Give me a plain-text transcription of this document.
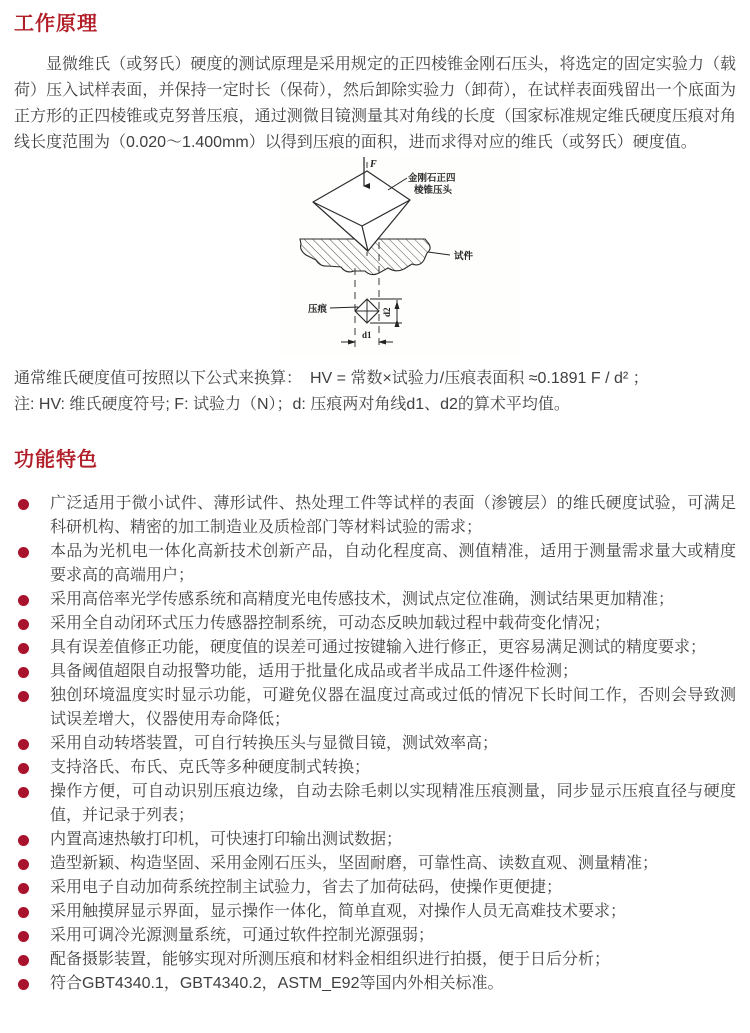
工作原理

显微维氏（或努氏）硬度的测试原理是采用规定的正四棱锥金刚石压头，将选定的固定实验力（载荷）压入试样表面，并保持一定时长（保荷），然后卸除实验力（卸荷），在试样表面残留出一个底面为正方形的正四棱锥或克努普压痕，通过测微目镜测量其对角线的长度（国家标准规定维氏硬度压痕对角线长度范围为（0.020～1.400mm）以得到压痕的面积，进而求得对应的维氏（或努氏）硬度值。

F
金刚石正四
棱锥压头
试件
压痕	d2
d1

通常维氏硬度值可按照以下公式来换算：　HV = 常数×试验力/压痕表面积 ≈0.1891 F / d² ；

注: HV: 维氏硬度符号; F: 试验力（N）；d: 压痕两对角线d1、d2的算术平均值。

功能特色
广泛适用于微小试件、薄形试件、热处理工件等试样的表面（渗镀层）的维氏硬度试验，可满足科研机构、精密的加工制造业及质检部门等材料试验的需求；
本品为光机电一体化高新技术创新产品，自动化程度高、测值精准，适用于测量需求量大或精度要求高的高端用户；
采用高倍率光学传感系统和高精度光电传感技术，测试点定位准确，测试结果更加精准；
采用全自动闭环式压力传感器控制系统，可动态反映加载过程中载荷变化情况；
具有误差值修正功能，硬度值的误差可通过按键输入进行修正，更容易满足测试的精度要求；
具备阈值超限自动报警功能，适用于批量化成品或者半成品工件逐件检测；
独创环境温度实时显示功能，可避免仪器在温度过高或过低的情况下长时间工作，否则会导致测试误差增大，仪器使用寿命降低；
采用自动转塔装置，可自行转换压头与显微目镜，测试效率高；
支持洛氏、布氏、克氏等多种硬度制式转换；
操作方便，可自动识别压痕边缘，自动去除毛刺以实现精准压痕测量，同步显示压痕直径与硬度值，并记录于列表；
内置高速热敏打印机，可快速打印输出测试数据；
造型新颖、构造坚固、采用金刚石压头，坚固耐磨，可靠性高、读数直观、测量精准；
采用电子自动加荷系统控制主试验力，省去了加荷砝码，使操作更便捷；
采用触摸屏显示界面，显示操作一体化，简单直观，对操作人员无高难技术要求；
采用可调冷光源测量系统，可通过软件控制光源强弱；
配备摄影装置，能够实现对所测压痕和材料金相组织进行拍摄，便于日后分析；
符合GBT4340.1，GBT4340.2，ASTM_E92等国内外相关标准。
